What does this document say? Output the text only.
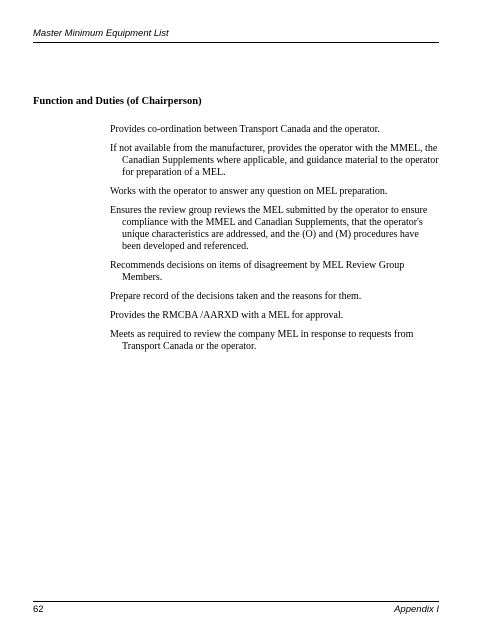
Master Minimum Equipment List
Function and Duties (of Chairperson)
Provides co-ordination between Transport Canada and the operator.
If not available from the manufacturer, provides the operator with the MMEL, the Canadian Supplements where applicable, and guidance material to the operator for preparation of a MEL.
Works with the operator to answer any question on MEL preparation.
Ensures the review group reviews the MEL submitted by the operator to ensure compliance with the MMEL and Canadian Supplements, that the operator's unique characteristics are addressed, and the (O) and (M) procedures have been developed and referenced.
Recommends decisions on items of disagreement by MEL Review Group Members.
Prepare record of the decisions taken and the reasons for them.
Provides the RMCBA /AARXD with a MEL for approval.
Meets as required to review the company MEL in response to requests from Transport Canada or the operator.
62	Appendix I
